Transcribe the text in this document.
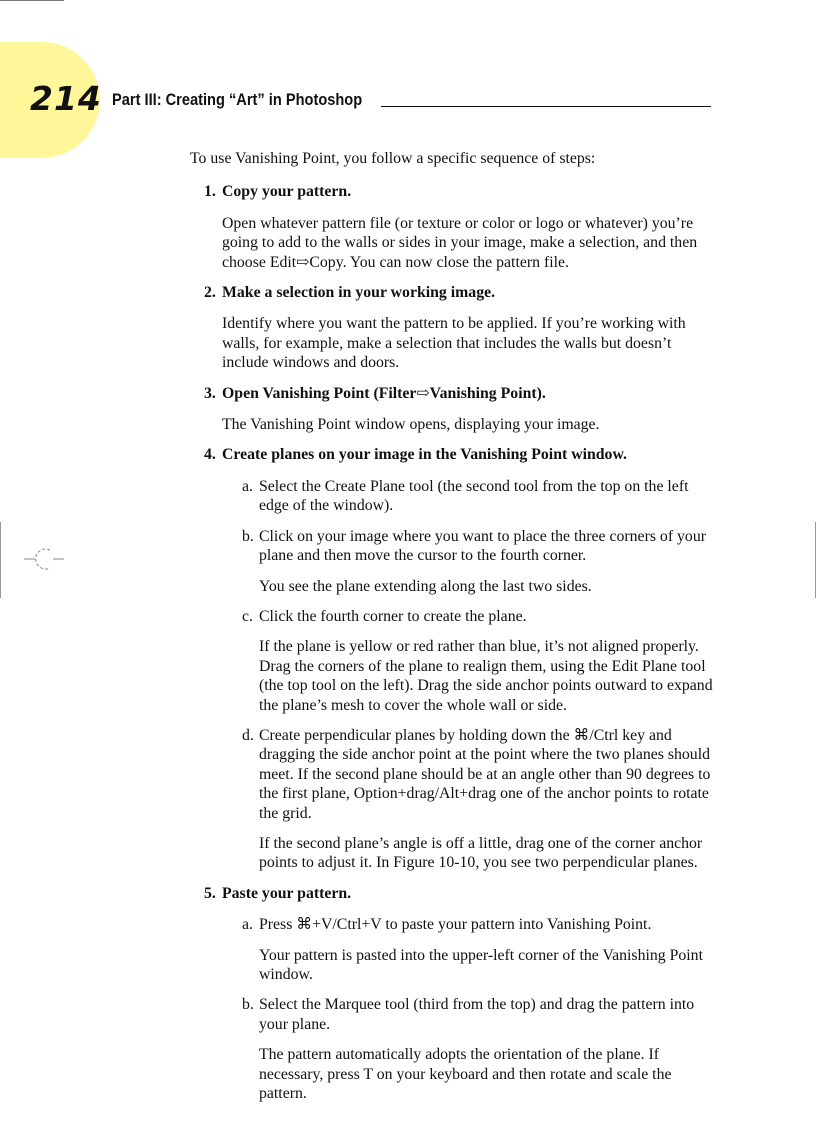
214 Part III: Creating “Art” in Photoshop

To use Vanishing Point, you follow a specific sequence of steps:

1. Copy your pattern.

Open whatever pattern file (or texture or color or logo or whatever) you’re going to add to the walls or sides in your image, make a selection, and then choose Edit⇨Copy. You can now close the pattern file.

2. Make a selection in your working image.

Identify where you want the pattern to be applied. If you’re working with walls, for example, make a selection that includes the walls but doesn’t include windows and doors.

3. Open Vanishing Point (Filter⇨Vanishing Point).

The Vanishing Point window opens, displaying your image.

4. Create planes on your image in the Vanishing Point window.
a. Select the Create Plane tool (the second tool from the top on the left edge of the window).
b. Click on your image where you want to place the three corners of your plane and then move the cursor to the fourth corner.

You see the plane extending along the last two sides.

c. Click the fourth corner to create the plane.

If the plane is yellow or red rather than blue, it’s not aligned properly. Drag the corners of the plane to realign them, using the Edit Plane tool (the top tool on the left). Drag the side anchor points outward to expand the plane’s mesh to cover the whole wall or side.

d. Create perpendicular planes by holding down the ⌘/Ctrl key and dragging the side anchor point at the point where the two planes should meet. If the second plane should be at an angle other than 90 degrees to the first plane, Option+drag/Alt+drag one of the anchor points to rotate the grid.

If the second plane’s angle is off a little, drag one of the corner anchor points to adjust it. In Figure 10-10, you see two perpendicular planes.

5. Paste your pattern.
a. Press ⌘+V/Ctrl+V to paste your pattern into Vanishing Point.

Your pattern is pasted into the upper-left corner of the Vanishing Point window.

b. Select the Marquee tool (third from the top) and drag the pattern into your plane.

The pattern automatically adopts the orientation of the plane. If necessary, press T on your keyboard and then rotate and scale the pattern.
